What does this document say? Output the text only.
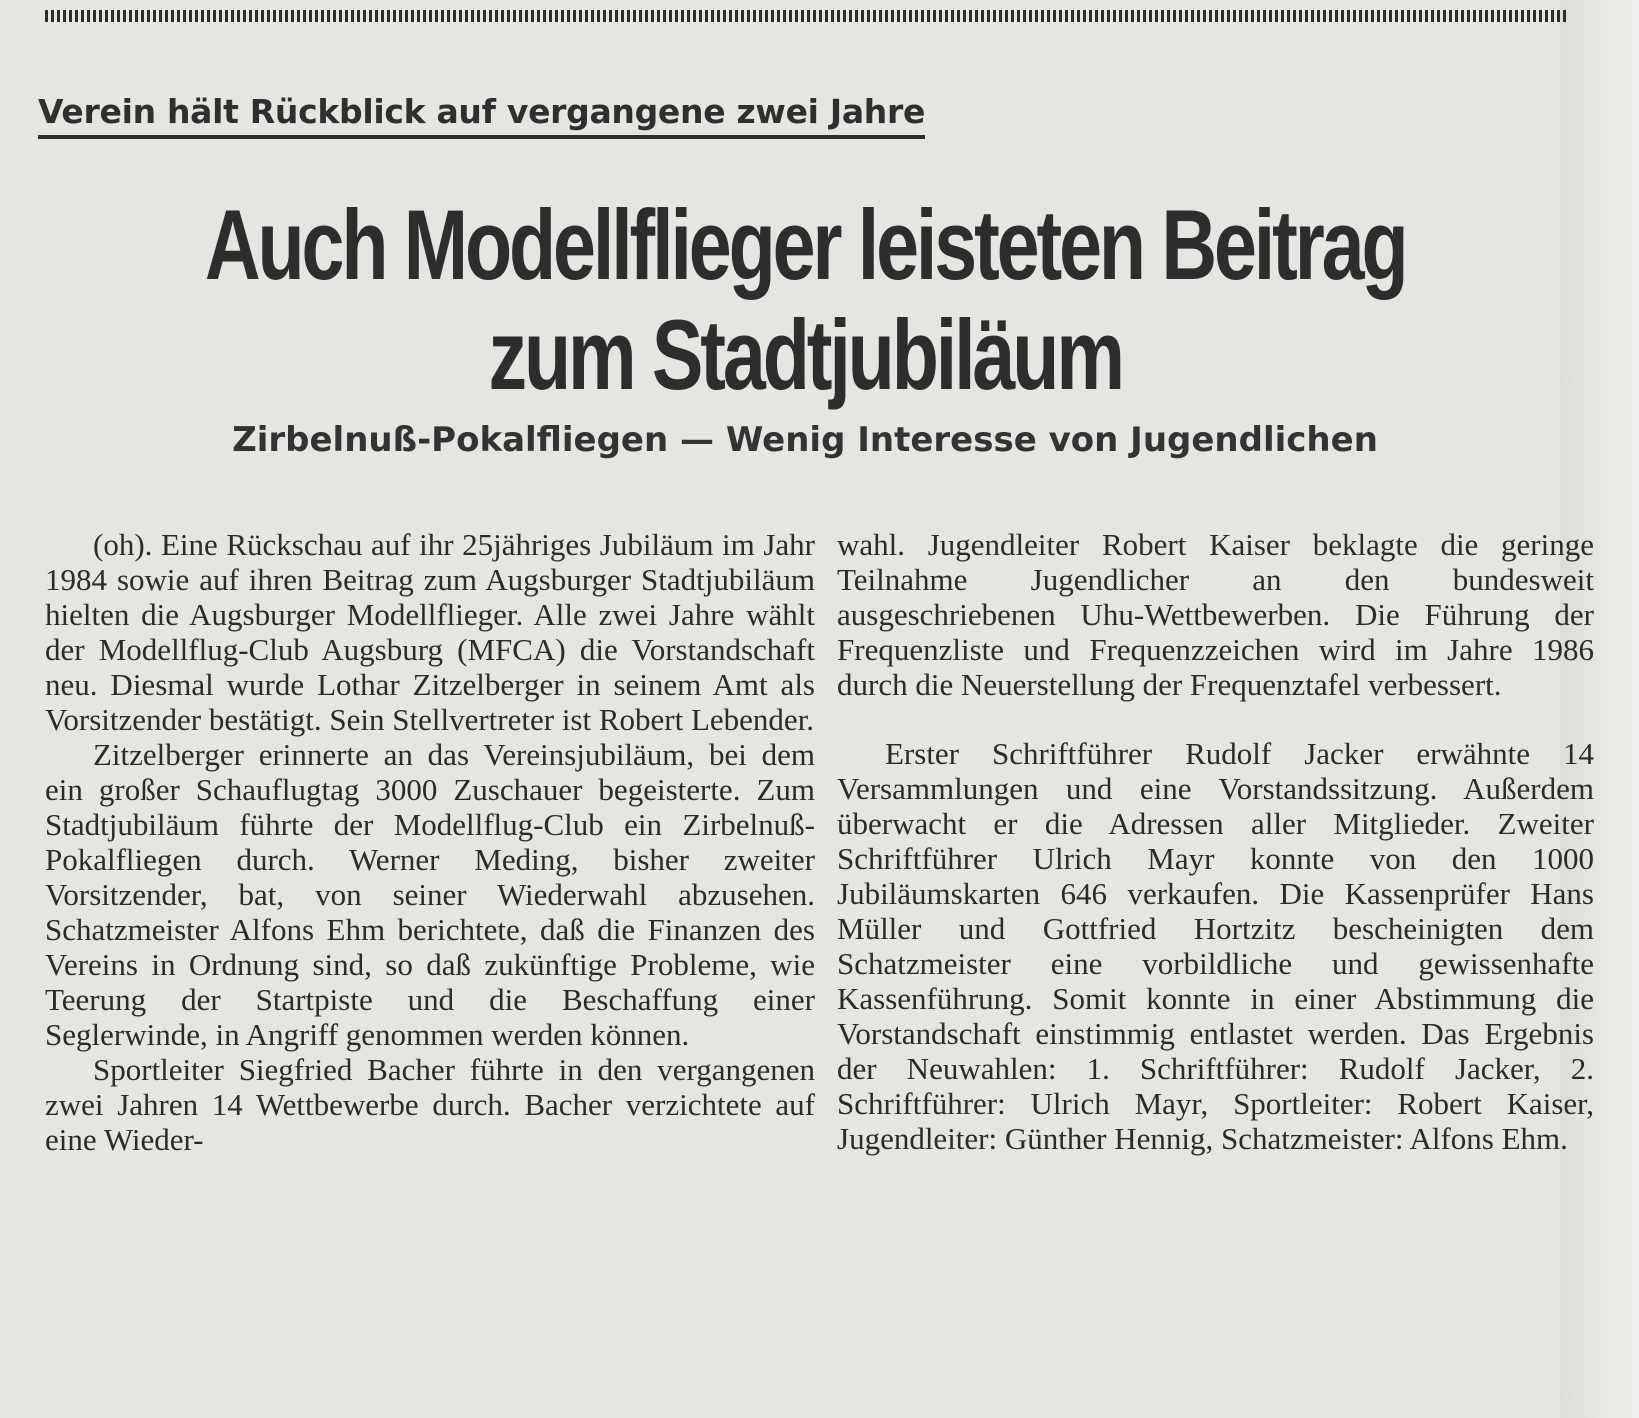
Verein hält Rückblick auf vergangene zwei Jahre
Auch Modellflieger leisteten Beitrag
zum Stadtjubiläum
Zirbelnuß-Pokalfliegen — Wenig Interesse von Jugendlichen

(oh). Eine Rückschau auf ihr 25jähriges Jubiläum im Jahr 1984 sowie auf ihren Beitrag zum Augsburger Stadtjubiläum hielten die Augsburger Modellflieger. Alle zwei Jahre wählt der Modellflug-Club Augsburg (MFCA) die Vorstandschaft neu. Diesmal wurde Lothar Zitzelberger in seinem Amt als Vorsitzender bestätigt. Sein Stellvertreter ist Robert Lebender.

Zitzelberger erinnerte an das Vereinsjubiläum, bei dem ein großer Schauflugtag 3000 Zuschauer begeisterte. Zum Stadtjubiläum führte der Modellflug-Club ein Zirbelnuß-Pokalfliegen durch. Werner Meding, bisher zweiter Vorsitzender, bat, von seiner Wiederwahl abzusehen. Schatzmeister Alfons Ehm berichtete, daß die Finanzen des Vereins in Ordnung sind, so daß zukünftige Probleme, wie Teerung der Startpiste und die Beschaffung einer Seglerwinde, in Angriff genommen werden können.

Sportleiter Siegfried Bacher führte in den vergangenen zwei Jahren 14 Wettbewerbe durch. Bacher verzichtete auf eine Wieder-

wahl. Jugendleiter Robert Kaiser beklagte die geringe Teilnahme Jugendlicher an den bundesweit ausgeschriebenen Uhu-Wettbewerben. Die Führung der Frequenzliste und Frequenzzeichen wird im Jahre 1986 durch die Neuerstellung der Frequenztafel verbessert.

Erster Schriftführer Rudolf Jacker erwähnte 14 Versammlungen und eine Vorstandssitzung. Außerdem überwacht er die Adressen aller Mitglieder. Zweiter Schriftführer Ulrich Mayr konnte von den 1000 Jubiläumskarten 646 verkaufen. Die Kassenprüfer Hans Müller und Gottfried Hortzitz bescheinigten dem Schatzmeister eine vorbildliche und gewissenhafte Kassenführung. Somit konnte in einer Abstimmung die Vorstandschaft einstimmig entlastet werden. Das Ergebnis der Neuwahlen: 1. Schriftführer: Rudolf Jacker, 2. Schriftführer: Ulrich Mayr, Sportleiter: Robert Kaiser, Jugendleiter: Günther Hennig, Schatzmeister: Alfons Ehm.
